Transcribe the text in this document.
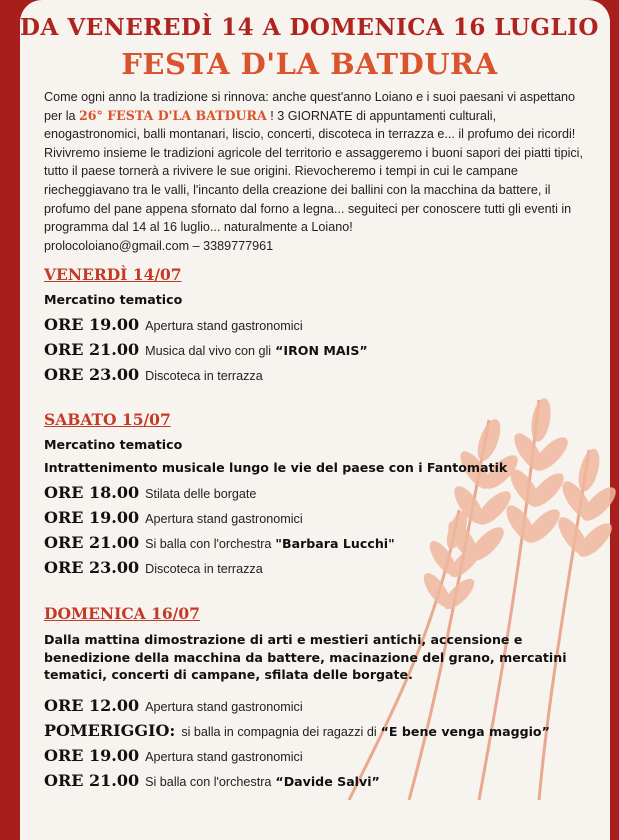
DA VENEREDÌ 14 A DOMENICA 16 LUGLIO
FESTA D'LA BATDURA
Come ogni anno la tradizione si rinnova: anche quest'anno Loiano e i suoi paesani vi aspettano per la 26° FESTA D'LA BATDURA ! 3 GIORNATE di appuntamenti culturali, enogastronomici, balli montanari, liscio, concerti, discoteca in terrazza e... il profumo dei ricordi! Rivivremo insieme le tradizioni agricole del territorio e assaggeremo i buoni sapori dei piatti tipici, tutto il paese tornerà a rivivere le sue origini. Rievocheremo i tempi in cui le campane riecheggiavano tra le valli, l'incanto della creazione dei ballini con la macchina da battere, il profumo del pane appena sfornato dal forno a legna... seguiteci per conoscere tutti gli eventi in programma dal 14 al 16 luglio... naturalmente a Loiano!
prolocoloiano@gmail.com – 3389777961
VENERDÌ 14/07
Mercatino tematico
ORE 19.00 Apertura stand gastronomici
ORE 21.00 Musica dal vivo con gli “IRON MAIS”
ORE 23.00 Discoteca in terrazza
SABATO 15/07
Mercatino tematico
Intrattenimento musicale lungo le vie del paese con i Fantomatik
ORE 18.00 Stilata delle borgate
ORE 19.00 Apertura stand gastronomici
ORE 21.00 Si balla con l'orchestra "Barbara Lucchi"
ORE 23.00 Discoteca in terrazza
DOMENICA 16/07
Dalla mattina dimostrazione di arti e mestieri antichi, accensione e benedizione della macchina da battere, macinazione del grano, mercatini tematici, concerti di campane, sfilata delle borgate.
ORE 12.00 Apertura stand gastronomici
POMERIGGIO: si balla in compagnia dei ragazzi di “E bene venga maggio”
ORE 19.00 Apertura stand gastronomici
ORE 21.00 Si balla con l'orchestra “Davide Salvi”
